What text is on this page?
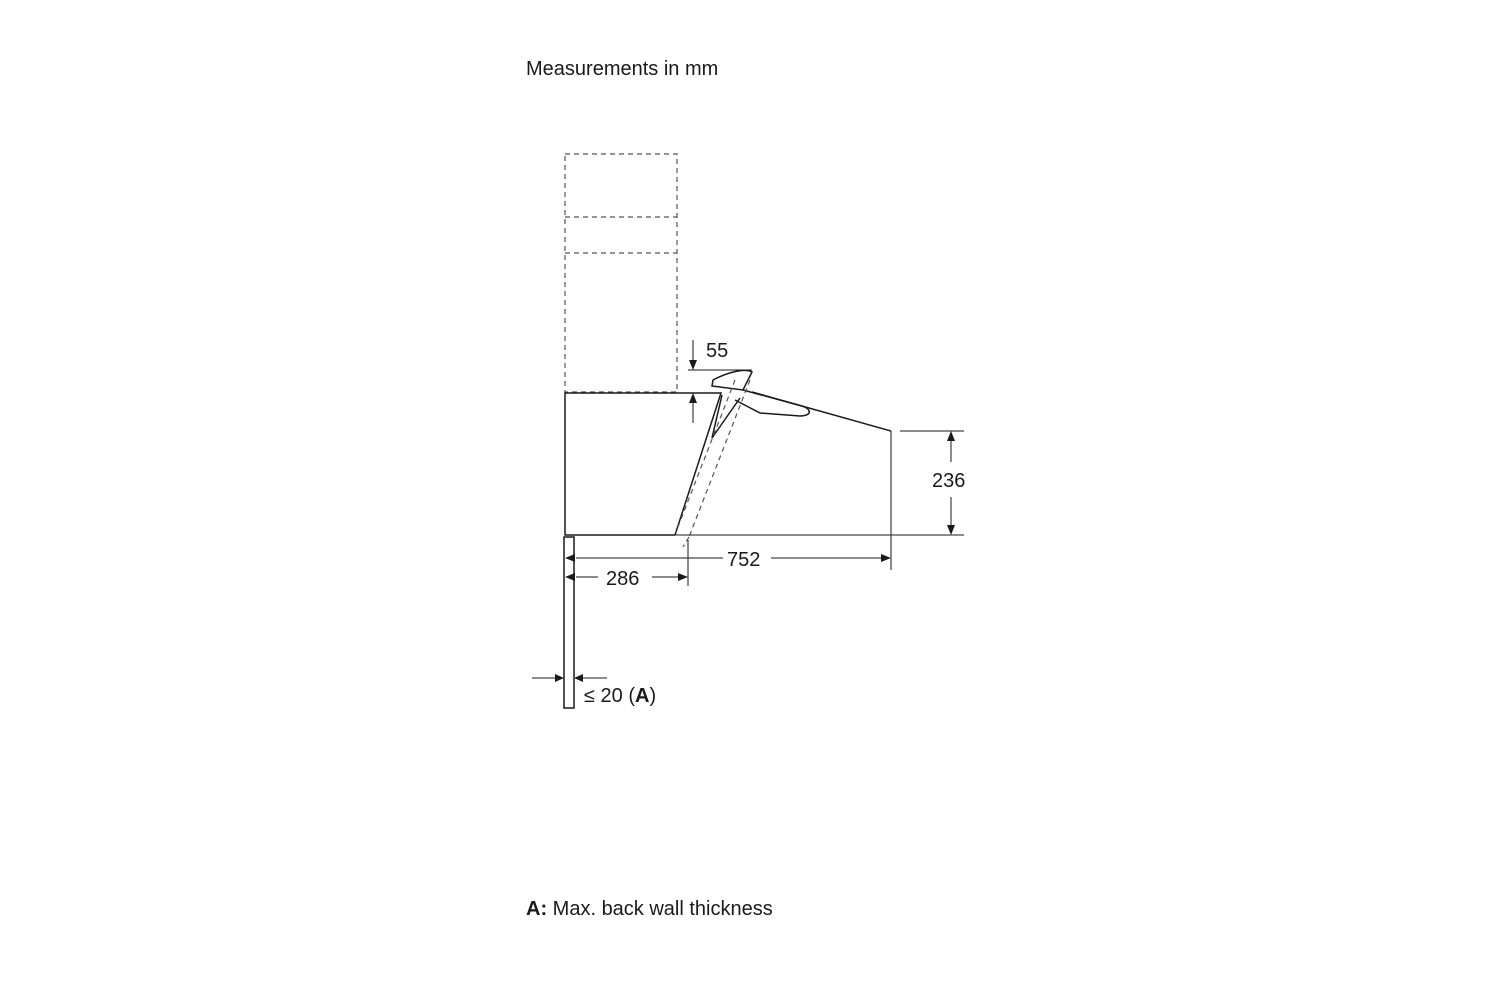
Measurements in mm
55
236
752
286
≤ 20 (A)
A: Max. back wall thickness
